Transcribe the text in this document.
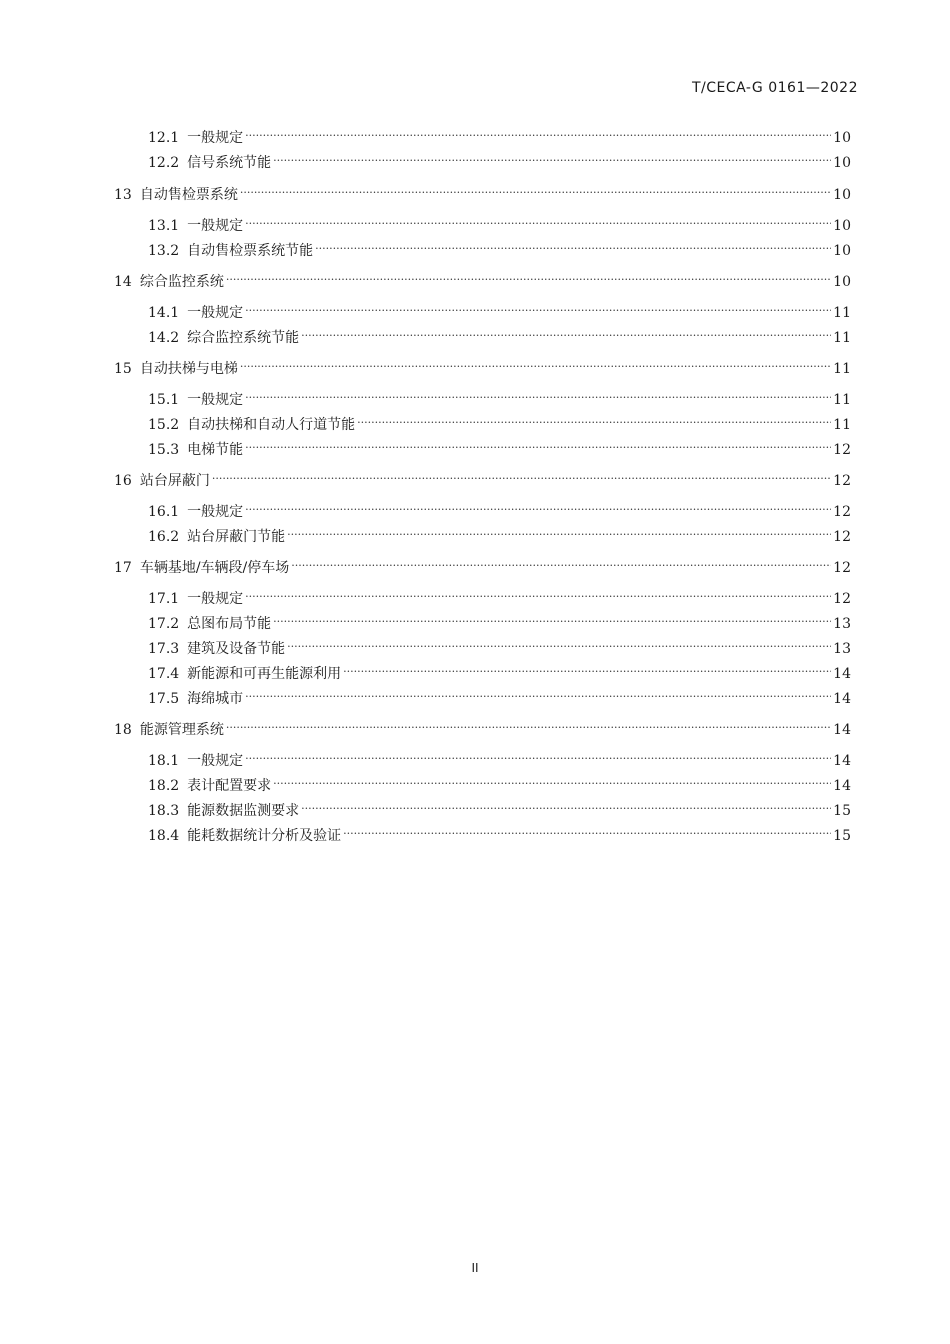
T/CECA-G 0161—2022
12.1 一般规定 .....	10
12.2 信号系统节能 .....	10
13 自动售检票系统 .....	10
13.1 一般规定 .....	10
13.2 自动售检票系统节能 .....	10
14 综合监控系统 .....	10
14.1 一般规定 .....	11
14.2 综合监控系统节能 .....	11
15 自动扶梯与电梯 .....	11
15.1 一般规定 .....	11
15.2 自动扶梯和自动人行道节能 .....	11
15.3 电梯节能 .....	12
16 站台屏蔽门 .....	12
16.1 一般规定 .....	12
16.2 站台屏蔽门节能 .....	12
17 车辆基地/车辆段/停车场 .....	12
17.1 一般规定 .....	12
17.2 总图布局节能 .....	13
17.3 建筑及设备节能 .....	13
17.4 新能源和可再生能源利用 .....	14
17.5 海绵城市 .....	14
18 能源管理系统 .....	14
18.1 一般规定 .....	14
18.2 表计配置要求 .....	14
18.3 能源数据监测要求 .....	15
18.4 能耗数据统计分析及验证 .....	15
II
